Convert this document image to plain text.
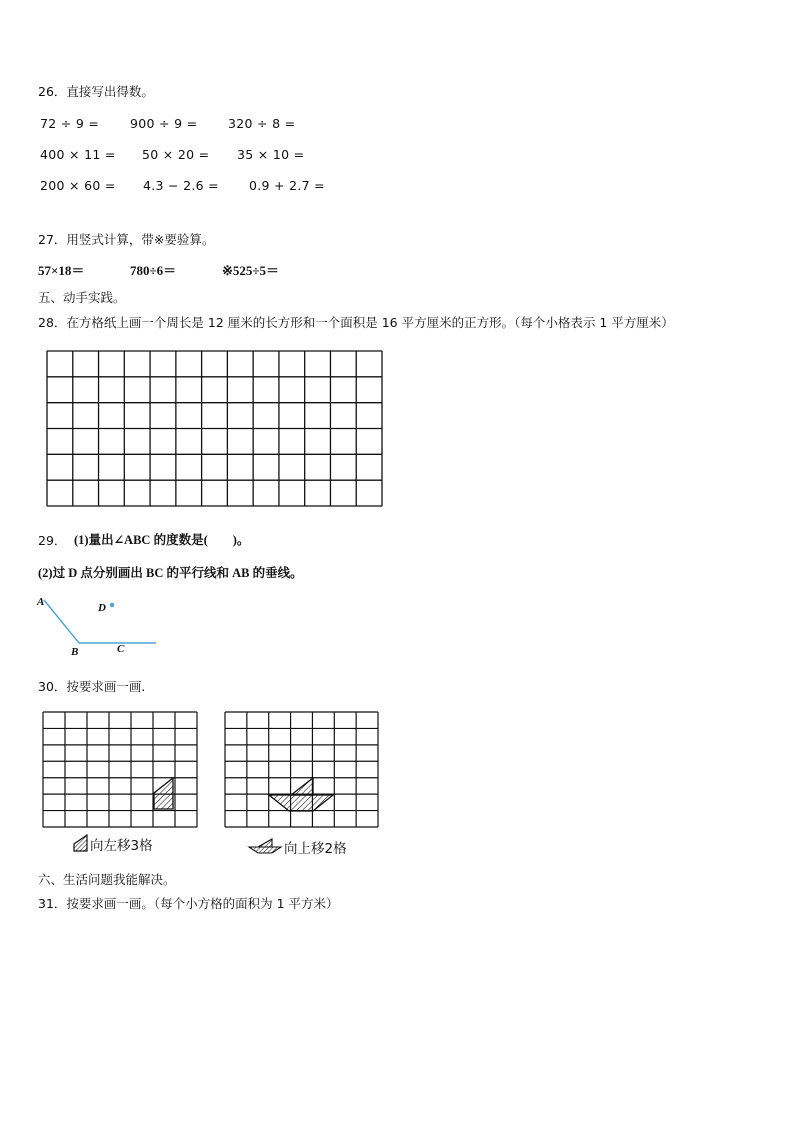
26．直接写出得数。
72 ÷ 9 = 900 ÷ 9 = 320 ÷ 8 =
400 × 11 = 50 × 20 = 35 × 10 =
200 × 60 = 4.3 − 2.6 = 0.9 + 2.7 =
27．用竖式计算，带※要验算。
57×18＝	780÷6＝	※525÷5＝
五、动手实践。
28．在方格纸上画一个周长是 12 厘米的长方形和一个面积是 16 平方厘米的正方形。（每个小格表示 1 平方厘米）
29． (1)量出∠ABC 的度数是(　　)。
(2)过 D 点分别画出 BC 的平行线和 AB 的垂线。
A	D
B	C
30．按要求画一画.
向左移3格	向上移2格
六、生活问题我能解决。
31．按要求画一画。（每个小方格的面积为 1 平方米）
